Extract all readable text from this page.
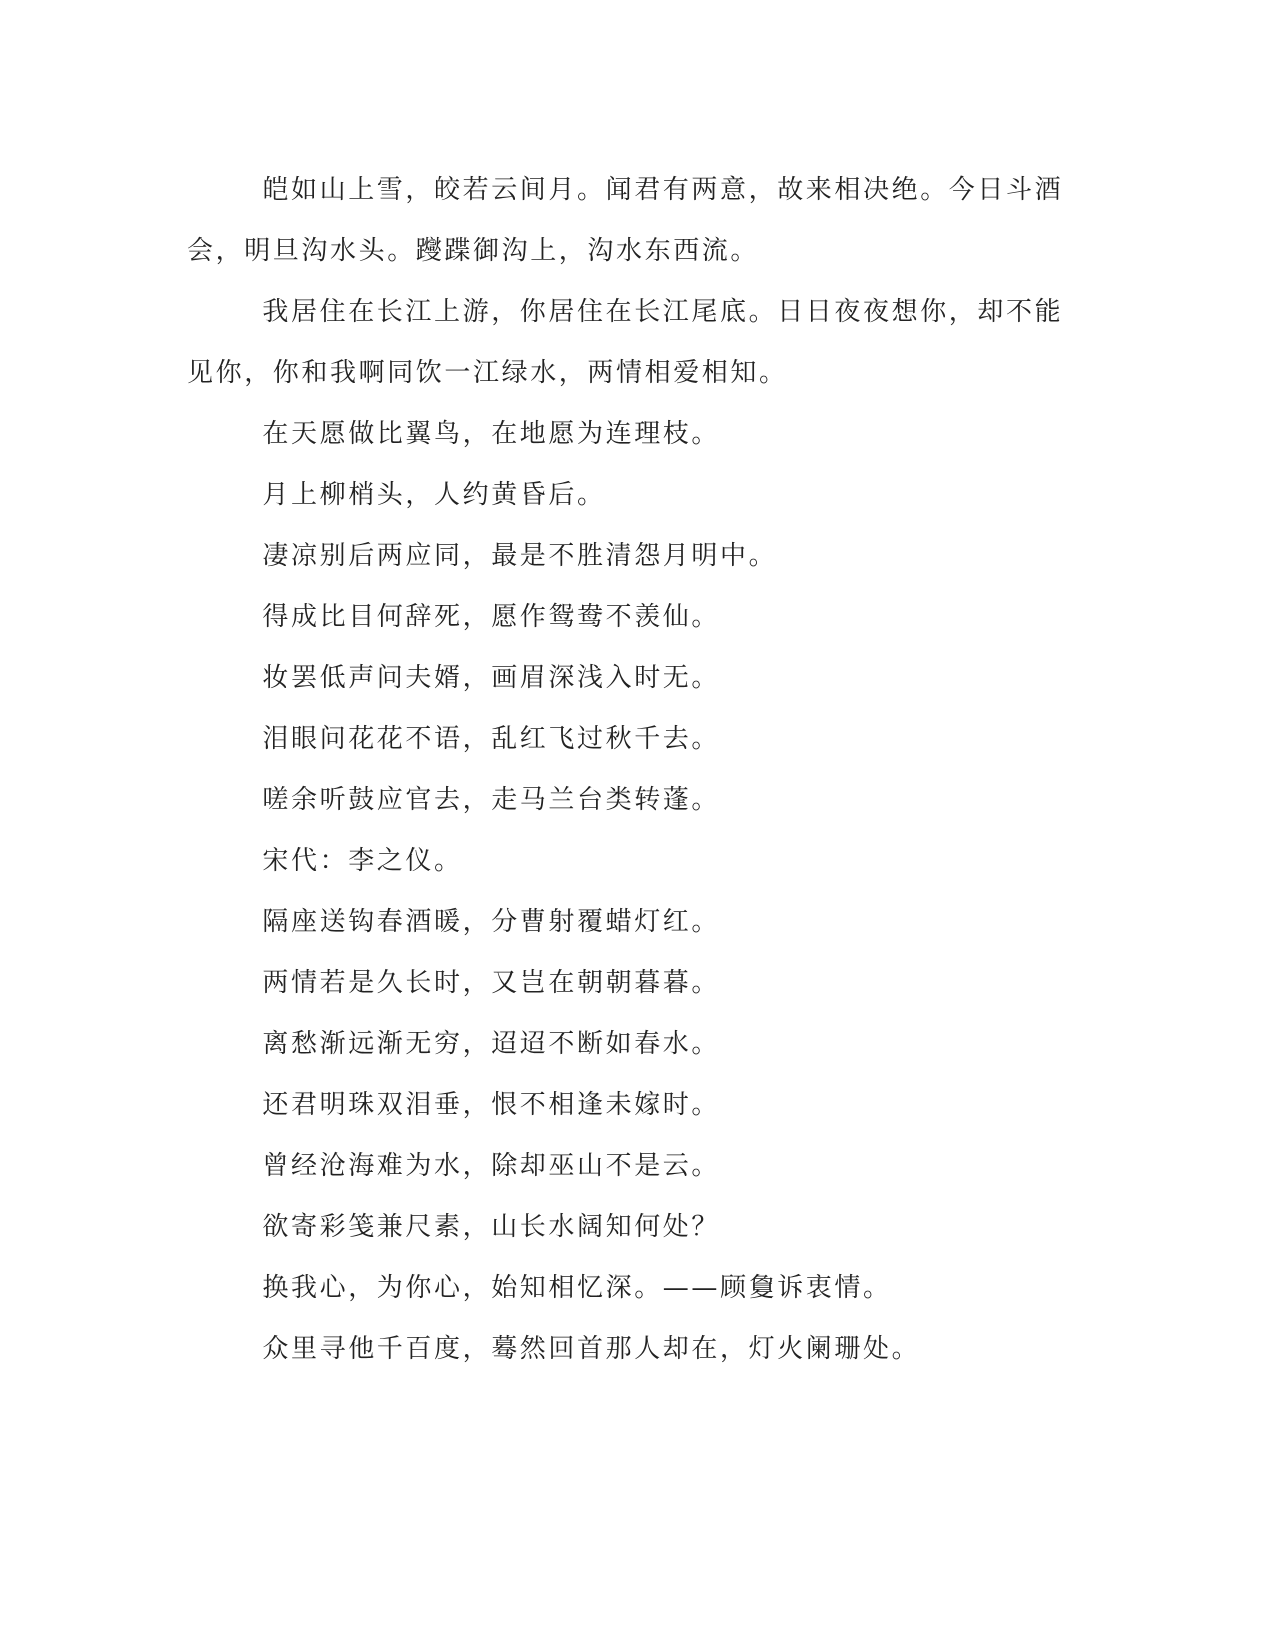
皑如山上雪，皎若云间月。闻君有两意，故来相决绝。今日斗酒会，明旦沟水头。躞蹀御沟上，沟水东西流。

我居住在长江上游，你居住在长江尾底。日日夜夜想你，却不能见你，你和我啊同饮一江绿水，两情相爱相知。

在天愿做比翼鸟，在地愿为连理枝。

月上柳梢头，人约黄昏后。

凄凉别后两应同，最是不胜清怨月明中。

得成比目何辞死，愿作鸳鸯不羡仙。

妆罢低声问夫婿，画眉深浅入时无。

泪眼问花花不语，乱红飞过秋千去。

嗟余听鼓应官去，走马兰台类转蓬。

宋代：李之仪。

隔座送钩春酒暖，分曹射覆蜡灯红。

两情若是久长时，又岂在朝朝暮暮。

离愁渐远渐无穷，迢迢不断如春水。

还君明珠双泪垂，恨不相逢未嫁时。

曾经沧海难为水，除却巫山不是云。

欲寄彩笺兼尺素，山长水阔知何处？

换我心，为你心，始知相忆深。——顾敻诉衷情。

众里寻他千百度，蓦然回首那人却在，灯火阑珊处。
